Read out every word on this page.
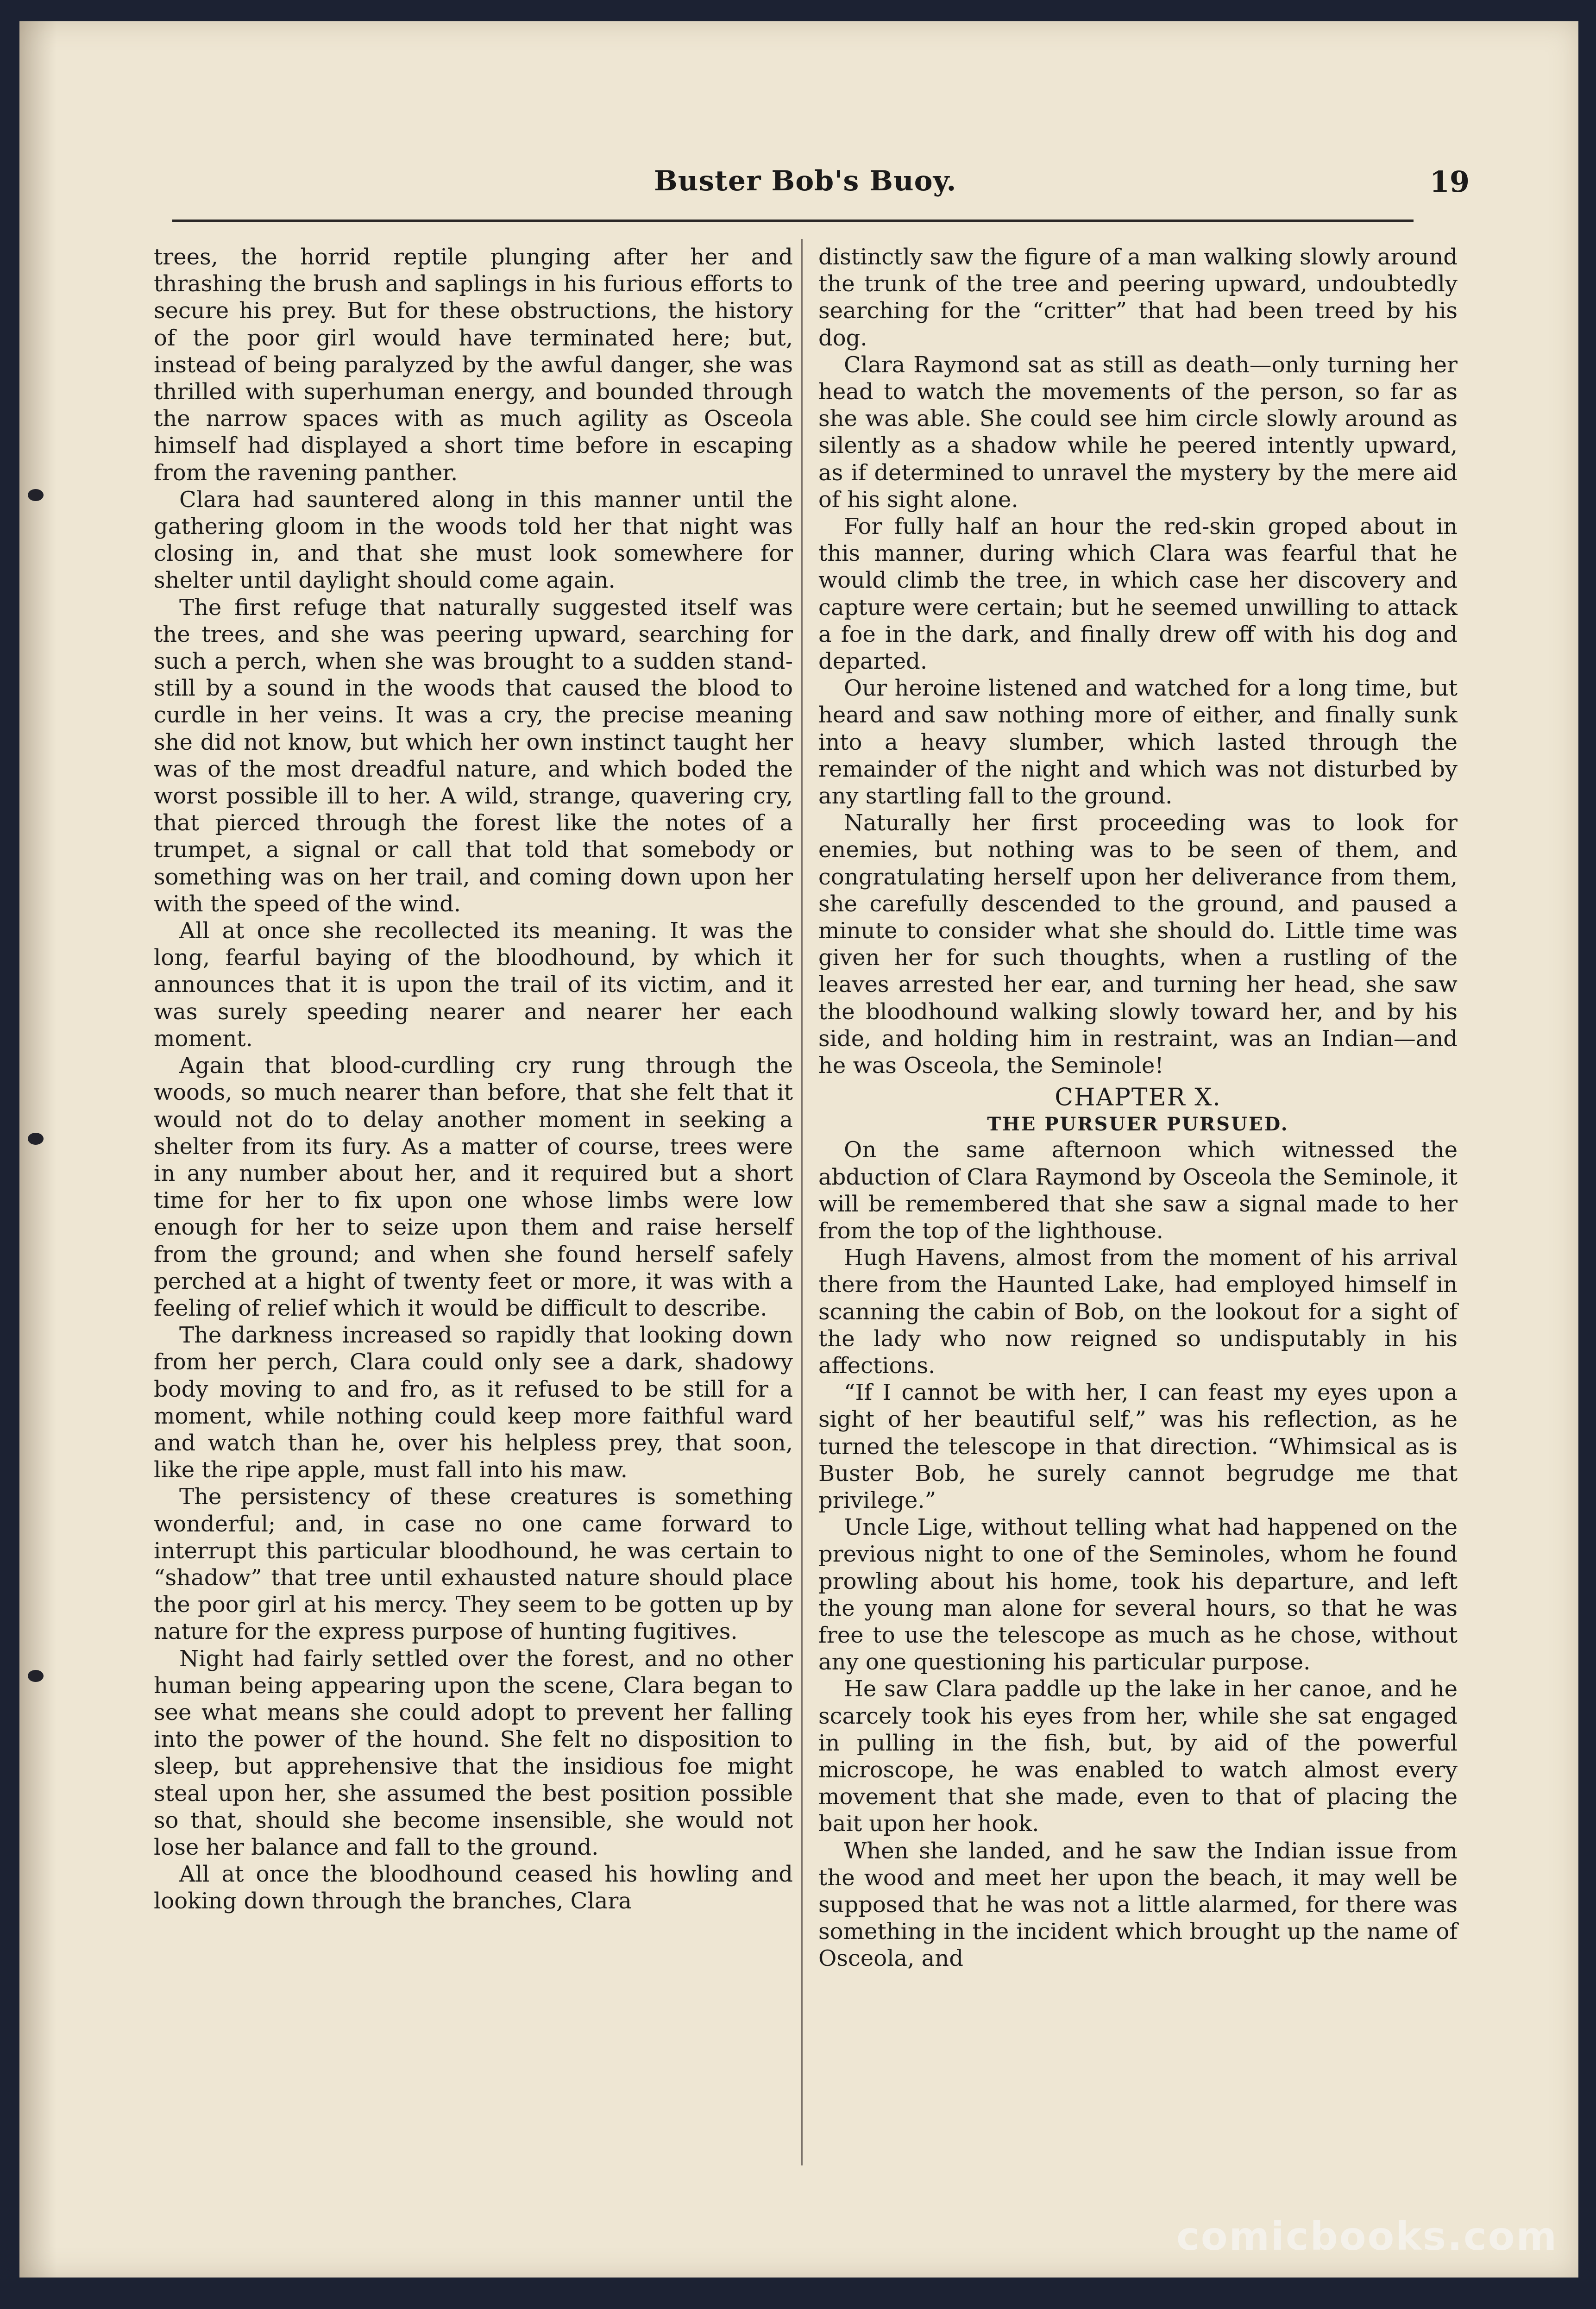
Buster Bob's Buoy.	19

trees, the horrid reptile plunging after her and thrashing the brush and saplings in his furious efforts to secure his prey. But for these obstructions, the history of the poor girl would have terminated here; but, instead of being paralyzed by the awful danger, she was thrilled with superhuman energy, and bounded through the narrow spaces with as much agility as Osceola himself had displayed a short time before in escaping from the ravening panther.

Clara had sauntered along in this manner until the gathering gloom in the woods told her that night was closing in, and that she must look somewhere for shelter until daylight should come again.

The first refuge that naturally suggested itself was the trees, and she was peering upward, searching for such a perch, when she was brought to a sudden stand-still by a sound in the woods that caused the blood to curdle in her veins. It was a cry, the precise meaning she did not know, but which her own instinct taught her was of the most dreadful nature, and which boded the worst possible ill to her. A wild, strange, quavering cry, that pierced through the forest like the notes of a trumpet, a signal or call that told that somebody or something was on her trail, and coming down upon her with the speed of the wind.

All at once she recollected its meaning. It was the long, fearful baying of the bloodhound, by which it announces that it is upon the trail of its victim, and it was surely speeding nearer and nearer her each moment.

Again that blood-curdling cry rung through the woods, so much nearer than before, that she felt that it would not do to delay another moment in seeking a shelter from its fury. As a matter of course, trees were in any number about her, and it required but a short time for her to fix upon one whose limbs were low enough for her to seize upon them and raise herself from the ground; and when she found herself safely perched at a hight of twenty feet or more, it was with a feeling of relief which it would be difficult to describe.

The darkness increased so rapidly that looking down from her perch, Clara could only see a dark, shadowy body moving to and fro, as it refused to be still for a moment, while nothing could keep more faithful ward and watch than he, over his helpless prey, that soon, like the ripe apple, must fall into his maw.

The persistency of these creatures is something wonderful; and, in case no one came forward to interrupt this particular bloodhound, he was certain to “shadow” that tree until exhausted nature should place the poor girl at his mercy. They seem to be gotten up by nature for the express purpose of hunting fugitives.

Night had fairly settled over the forest, and no other human being appearing upon the scene, Clara began to see what means she could adopt to prevent her falling into the power of the hound. She felt no disposition to sleep, but apprehensive that the insidious foe might steal upon her, she assumed the best position possible so that, should she become insensible, she would not lose her balance and fall to the ground.

All at once the bloodhound ceased his howling and looking down through the branches, Clara

distinctly saw the figure of a man walking slowly around the trunk of the tree and peering upward, undoubtedly searching for the “critter” that had been treed by his dog.

Clara Raymond sat as still as death—only turning her head to watch the movements of the person, so far as she was able. She could see him circle slowly around as silently as a shadow while he peered intently upward, as if determined to unravel the mystery by the mere aid of his sight alone.

For fully half an hour the red-skin groped about in this manner, during which Clara was fearful that he would climb the tree, in which case her discovery and capture were certain; but he seemed unwilling to attack a foe in the dark, and finally drew off with his dog and departed.

Our heroine listened and watched for a long time, but heard and saw nothing more of either, and finally sunk into a heavy slumber, which lasted through the remainder of the night and which was not disturbed by any startling fall to the ground.

Naturally her first proceeding was to look for enemies, but nothing was to be seen of them, and congratulating herself upon her deliverance from them, she carefully descended to the ground, and paused a minute to consider what she should do. Little time was given her for such thoughts, when a rustling of the leaves arrested her ear, and turning her head, she saw the bloodhound walking slowly toward her, and by his side, and holding him in restraint, was an Indian—and he was Osceola, the Seminole!

CHAPTER X.
THE PURSUER PURSUED.

On the same afternoon which witnessed the abduction of Clara Raymond by Osceola the Seminole, it will be remembered that she saw a signal made to her from the top of the lighthouse.

Hugh Havens, almost from the moment of his arrival there from the Haunted Lake, had employed himself in scanning the cabin of Bob, on the lookout for a sight of the lady who now reigned so undisputably in his affections.

“If I cannot be with her, I can feast my eyes upon a sight of her beautiful self,” was his reflection, as he turned the telescope in that direction. “Whimsical as is Buster Bob, he surely cannot begrudge me that privilege.”

Uncle Lige, without telling what had happened on the previous night to one of the Seminoles, whom he found prowling about his home, took his departure, and left the young man alone for several hours, so that he was free to use the telescope as much as he chose, without any one questioning his particular purpose.

He saw Clara paddle up the lake in her canoe, and he scarcely took his eyes from her, while she sat engaged in pulling in the fish, but, by aid of the powerful microscope, he was enabled to watch almost every movement that she made, even to that of placing the bait upon her hook.

When she landed, and he saw the Indian issue from the wood and meet her upon the beach, it may well be supposed that he was not a little alarmed, for there was something in the incident which brought up the name of Osceola, and

comicbooks.com
